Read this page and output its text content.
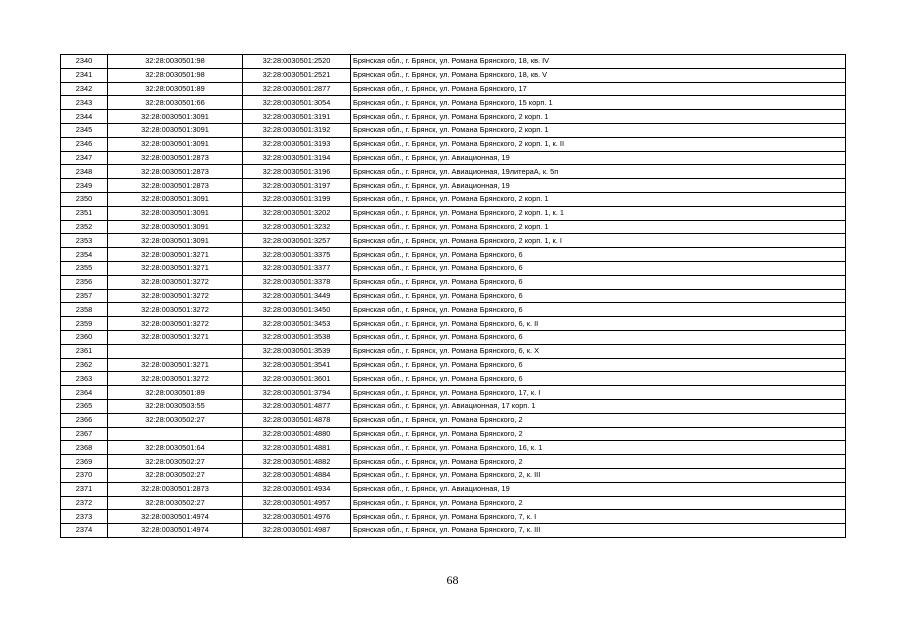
2340	32:28:0030501:98	32:28:0030501:2520	Брянская обл., г. Брянск, ул. Романа Брянского, 18, кв. IV
2341	32:28:0030501:98	32:28:0030501:2521	Брянская обл., г. Брянск, ул. Романа Брянского, 18, кв. V
2342	32:28:0030501:89	32:28:0030501:2877	Брянская обл., г. Брянск, ул. Романа Брянского, 17
2343	32:28:0030501:66	32:28:0030501:3054	Брянская обл., г. Брянск, ул. Романа Брянского, 15 корп. 1
2344	32:28:0030501:3091	32:28:0030501:3191	Брянская обл., г. Брянск, ул. Романа Брянского, 2 корп. 1
2345	32:28:0030501:3091	32:28:0030501:3192	Брянская обл., г. Брянск, ул. Романа Брянского, 2 корп. 1
2346	32:28:0030501:3091	32:28:0030501:3193	Брянская обл., г. Брянск, ул. Романа Брянского, 2 корп. 1, к. II
2347	32:28:0030501:2873	32:28:0030501:3194	Брянская обл., г. Брянск, ул. Авиационная, 19
2348	32:28:0030501:2873	32:28:0030501:3196	Брянская обл., г. Брянск, ул. Авиационная, 19литераА, к. 5п
2349	32:28:0030501:2873	32:28:0030501:3197	Брянская обл., г. Брянск, ул. Авиационная, 19
2350	32:28:0030501:3091	32:28:0030501:3199	Брянская обл., г. Брянск, ул. Романа Брянского, 2 корп. 1
2351	32:28:0030501:3091	32:28:0030501:3202	Брянская обл., г. Брянск, ул. Романа Брянского, 2 корп. 1, к. 1
2352	32:28:0030501:3091	32:28:0030501:3232	Брянская обл., г. Брянск, ул. Романа Брянского, 2 корп. 1
2353	32:28:0030501:3091	32:28:0030501:3257	Брянская обл., г. Брянск, ул. Романа Брянского, 2 корп. 1, к. I
2354	32:28:0030501:3271	32:28:0030501:3375	Брянская обл., г. Брянск, ул. Романа Брянского, 6
2355	32:28:0030501:3271	32:28:0030501:3377	Брянская обл., г. Брянск, ул. Романа Брянского, 6
2356	32:28:0030501:3272	32:28:0030501:3378	Брянская обл., г. Брянск, ул. Романа Брянского, 6
2357	32:28:0030501:3272	32:28:0030501:3449	Брянская обл., г. Брянск, ул. Романа Брянского, 6
2358	32:28:0030501:3272	32:28:0030501:3450	Брянская обл., г. Брянск, ул. Романа Брянского, 6
2359	32:28:0030501:3272	32:28:0030501:3453	Брянская обл., г. Брянск, ул. Романа Брянского, 6, к. II
2360	32:28:0030501:3271	32:28:0030501:3538	Брянская обл., г. Брянск, ул. Романа Брянского, 6
2361		32:28:0030501:3539	Брянская обл., г. Брянск, ул. Романа Брянского, 6, к. X
2362	32:28:0030501:3271	32:28:0030501:3541	Брянская обл., г. Брянск, ул. Романа Брянского, 6
2363	32:28:0030501:3272	32:28:0030501:3601	Брянская обл., г. Брянск, ул. Романа Брянского, 6
2364	32:28:0030501:89	32:28:0030501:3794	Брянская обл., г. Брянск, ул. Романа Брянского, 17, к. I
2365	32:28:0030503:55	32:28:0030501:4877	Брянская обл., г. Брянск, ул. Авиационная, 17 корп. 1
2366	32:28:0030502:27	32:28:0030501:4878	Брянская обл., г. Брянск, ул. Романа Брянского, 2
2367		32:28:0030501:4880	Брянская обл., г. Брянск, ул. Романа Брянского, 2
2368	32:28:0030501:64	32:28:0030501:4881	Брянская обл., г. Брянск, ул. Романа Брянского, 16, к. 1
2369	32:28:0030502:27	32:28:0030501:4882	Брянская обл., г. Брянск, ул. Романа Брянского, 2
2370	32:28:0030502:27	32:28:0030501:4884	Брянская обл., г. Брянск, ул. Романа Брянского, 2, к. III
2371	32:28:0030501:2873	32:28:0030501:4934	Брянская обл., г. Брянск, ул. Авиационная, 19
2372	32:28:0030502:27	32:28:0030501:4957	Брянская обл., г. Брянск, ул. Романа Брянского, 2
2373	32:28:0030501:4974	32:28:0030501:4976	Брянская обл., г. Брянск, ул. Романа Брянского, 7, к. I
2374	32:28:0030501:4974	32:28:0030501:4987	Брянская обл., г. Брянск, ул. Романа Брянского, 7, к. III
68
